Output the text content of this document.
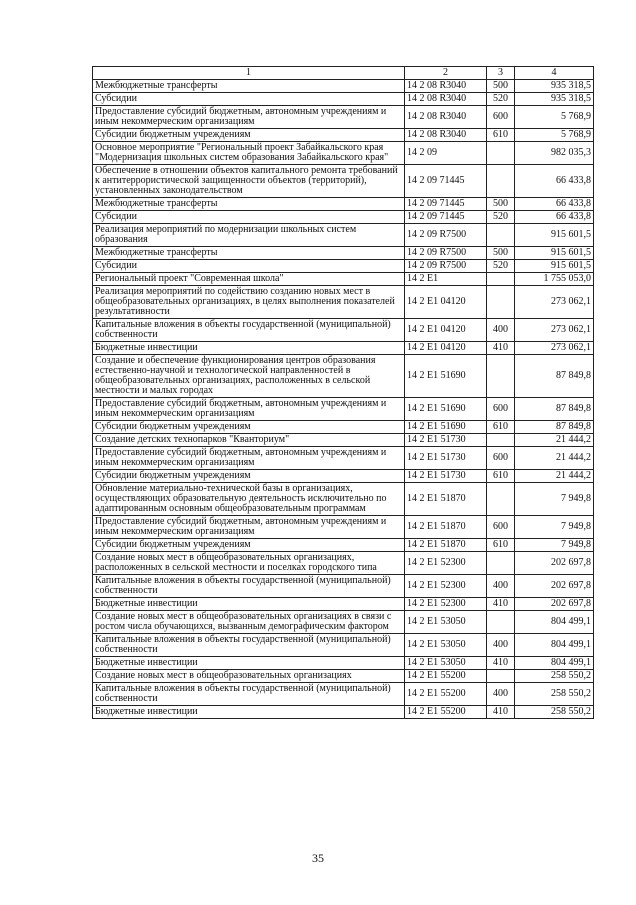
1	2	3	4
Межбюджетные трансферты	14 2 08 R3040	500	935 318,5
Субсидии	14 2 08 R3040	520	935 318,5
Предоставление субсидий бюджетным, автономным учреждениям и иным некоммерческим организациям	14 2 08 R3040	600	5 768,9
Субсидии бюджетным учреждениям	14 2 08 R3040	610	5 768,9
Основное мероприятие "Региональный проект Забайкальского края "Модернизация школьных систем образования Забайкальского края"	14 2 09		982 035,3
Обеспечение в отношении объектов капитального ремонта требований к антитеррористической защищенности объектов (территорий), установленных законодательством	14 2 09 71445		66 433,8
Межбюджетные трансферты	14 2 09 71445	500	66 433,8
Субсидии	14 2 09 71445	520	66 433,8
Реализация мероприятий по модернизации школьных систем образования	14 2 09 R7500		915 601,5
Межбюджетные трансферты	14 2 09 R7500	500	915 601,5
Субсидии	14 2 09 R7500	520	915 601,5
Региональный проект "Современная школа"	14 2 E1		1 755 053,0
Реализация мероприятий по содействию созданию новых мест в общеобразовательных организациях, в целях выполнения показателей результативности	14 2 E1 04120		273 062,1
Капитальные вложения в объекты государственной (муниципальной) собственности	14 2 E1 04120	400	273 062,1
Бюджетные инвестиции	14 2 E1 04120	410	273 062,1
Создание и обеспечение функционирования центров образования естественно-научной и технологической направленностей в общеобразовательных организациях, расположенных в сельской местности и малых городах	14 2 E1 51690		87 849,8
Предоставление субсидий бюджетным, автономным учреждениям и иным некоммерческим организациям	14 2 E1 51690	600	87 849,8
Субсидии бюджетным учреждениям	14 2 E1 51690	610	87 849,8
Создание детских технопарков "Кванториум"	14 2 E1 51730		21 444,2
Предоставление субсидий бюджетным, автономным учреждениям и иным некоммерческим организациям	14 2 E1 51730	600	21 444,2
Субсидии бюджетным учреждениям	14 2 E1 51730	610	21 444,2
Обновление материально-технической базы в организациях, осуществляющих образовательную деятельность исключительно по адаптированным основным общеобразовательным программам	14 2 E1 51870		7 949,8
Предоставление субсидий бюджетным, автономным учреждениям и иным некоммерческим организациям	14 2 E1 51870	600	7 949,8
Субсидии бюджетным учреждениям	14 2 E1 51870	610	7 949,8
Создание новых мест в общеобразовательных организациях, расположенных в сельской местности и поселках городского типа	14 2 E1 52300		202 697,8
Капитальные вложения в объекты государственной (муниципальной) собственности	14 2 E1 52300	400	202 697,8
Бюджетные инвестиции	14 2 E1 52300	410	202 697,8
Создание новых мест в общеобразовательных организациях в связи с ростом числа обучающихся, вызванным демографическим фактором	14 2 E1 53050		804 499,1
Капитальные вложения в объекты государственной (муниципальной) собственности	14 2 E1 53050	400	804 499,1
Бюджетные инвестиции	14 2 E1 53050	410	804 499,1
Создание новых мест в общеобразовательных организациях	14 2 E1 55200		258 550,2
Капитальные вложения в объекты государственной (муниципальной) собственности	14 2 E1 55200	400	258 550,2
Бюджетные инвестиции	14 2 E1 55200	410	258 550,2
35
